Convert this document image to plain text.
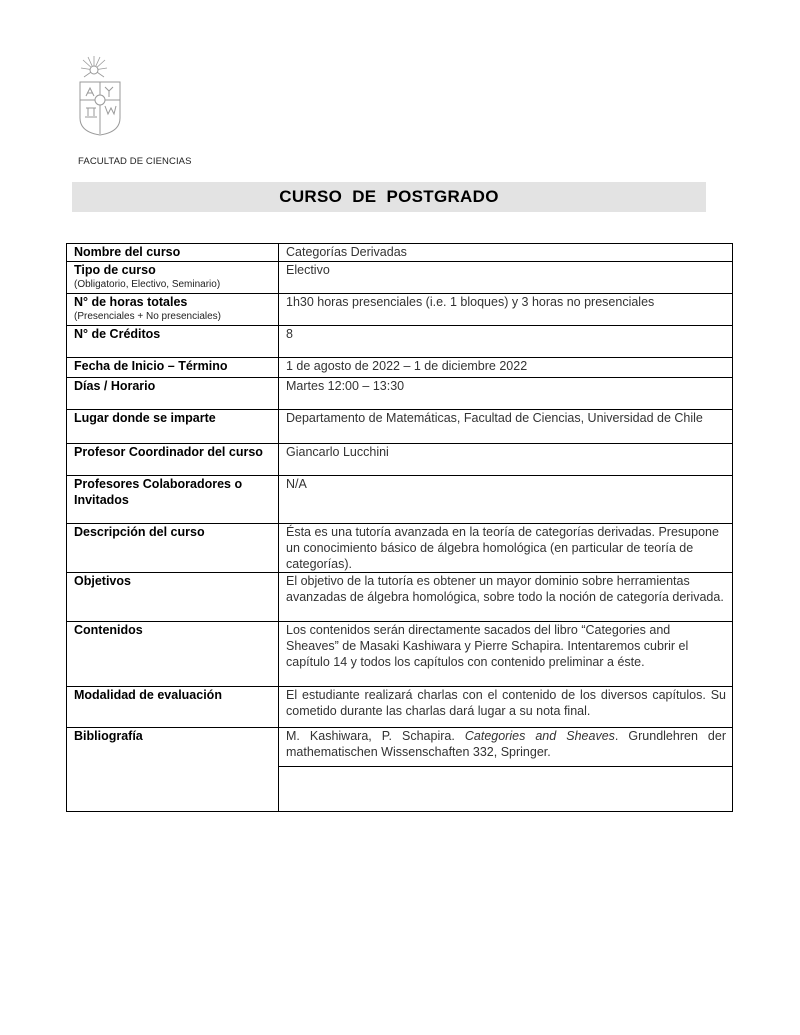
FACULTAD DE CIENCIAS
CURSO  DE  POSTGRADO
Nombre del curso	Categorías Derivadas
Tipo de curso
(Obligatorio, Electivo, Seminario)	Electivo
N° de horas totales
(Presenciales + No presenciales)	1h30 horas presenciales (i.e. 1 bloques) y 3 horas no presenciales
N° de Créditos	8
Fecha de Inicio – Término	1 de agosto de 2022 – 1 de diciembre 2022
Días / Horario	Martes 12:00 – 13:30
Lugar donde se imparte	Departamento de Matemáticas, Facultad de Ciencias, Universidad de Chile
Profesor Coordinador del curso	Giancarlo Lucchini
Profesores Colaboradores o Invitados	N/A
Descripción del curso	Ésta es una tutoría avanzada en la teoría de categorías derivadas. Presupone un conocimiento básico de álgebra homológica (en particular de teoría de categorías).
Objetivos	El objetivo de la tutoría es obtener un mayor dominio sobre herramientas avanzadas de álgebra homológica, sobre todo la noción de categoría derivada.
Contenidos	Los contenidos serán directamente sacados del libro “Categories and Sheaves” de Masaki Kashiwara y Pierre Schapira. Intentaremos cubrir el capítulo 14 y todos los capítulos con contenido preliminar a éste.
Modalidad de evaluación	El estudiante realizará charlas con el contenido de los diversos capítulos. Su cometido durante las charlas dará lugar a su nota final.
Bibliografía	M. Kashiwara, P. Schapira. Categories and Sheaves. Grundlehren der mathematischen Wissenschaften 332, Springer.
